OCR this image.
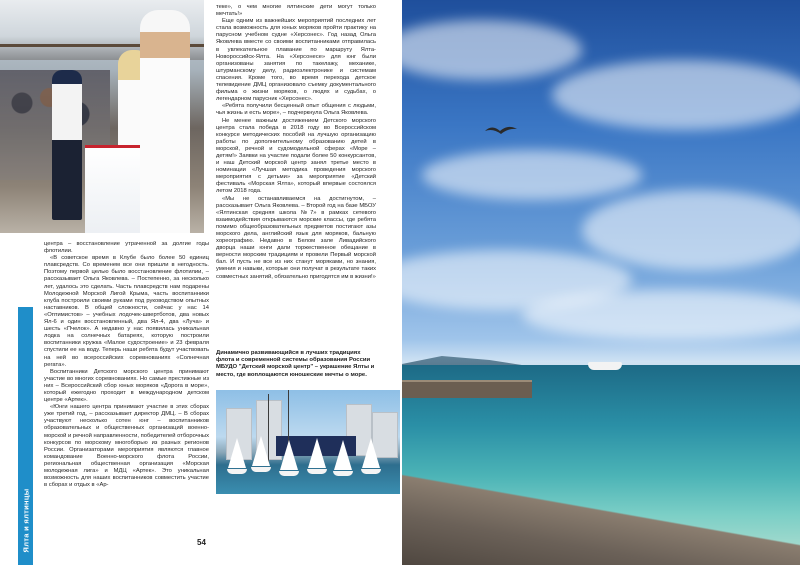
центра – восстановление утраченной за долгие годы флотилии.

«В советское время в Клубе было более 50 единиц плавсредств. Со временем все они пришли в негодность. Поэтому первой целью было восстановление флотилии, – рассказывает Ольга Яковлева. – Постепенно, за несколько лет, удалось это сделать. Часть плавсредств нам подарены Молодежной Морской Лигой Крыма, часть воспитанники клуба построили своими руками под руководством опытных наставников. В общей сложности, сейчас у нас 14 «Оптимистов» – учебных лодочек-швертботов, два новых Ял-6 и один восстановленный, два Ял-4, два «Луча» и шесть «Пчелок». А недавно у нас появилась уникальная лодка на солнечных батареях, которую построили воспитанники кружка «Малое судостроение» и 23 февраля спустили ее на воду. Теперь наши ребята будут участвовать на ней во всероссийских соревнованиях «Солнечная регата».

Воспитанники Детского морского центра принимают участие во многих соревнованиях. Но самые престижные из них – Всероссийский сбор юных моряков «Дорога в море», который ежегодно проходит в международном детском центре «Артек».

«Юнги нашего центра принимают участие в этих сборах уже третий год, – рассказывает директор ДМЦ. – В сборах участвуют несколько сотен юнг – воспитанников образовательных и общественных организаций военно-морской и речной направленности, победителей отборочных конкурсов по морскому многоборью из разных регионов России. Организаторами мероприятия являются главное командование Военно-морского флота России, региональная общественная организация «Морская молодежная лига» и МДЦ «Артек». Это уникальная возможность для наших воспитанников совместить участие в сборах и отдых в «Ар-

теке», о чем многие ялтинские дети могут только мечтать!»

Еще одним из важнейших мероприятий последних лет стала возможность для юных моряков пройти практику на парусном учебном судне «Херсонес». Год назад Ольга Яковлева вместе со своими воспитанниками отправилась в увлекательное плавание по маршруту Ялта-Новороссийск-Ялта. На «Херсонесе» для юнг были организованы занятия по такелажу, механике, штурманскому делу, радиоэлектронике и системам спасения. Кроме того, во время перехода детское телевидение ДМЦ организовало съемку документального фильма о жизни моряков, о людях и судьбах, о легендарном парусник «Херсонес».

«Ребята получили бесценный опыт общения с людьми, чья жизнь и есть море», – подчеркнула Ольга Яковлева.

Не менее важным достижением Детского морского центра стала победа в 2018 году во Всероссийском конкурсе методических пособий на лучшую организацию работы по дополнительному образованию детей в морской, речной и судомодельной сферах «Море – детям!» Заявки на участие подали более 50 конкурсантов, и наш Детский морской центр занял третье место в номинации «Лучшая методика проведения морского мероприятия с детьми» за мероприятие «Детский фестиваль «Морская Ялта», который впервые состоялся летом 2018 года.

«Мы не останавливаемся на достигнутом, – рассказывает Ольга Яковлева. – Второй год на базе МБОУ «Ялтинская средняя школа №7» в рамках сетевого взаимодействия открываются морские классы, где ребята помимо общеобразовательных предметов постигают азы морского дела, английский язык для моряков, бальную хореографию. Недавно в Белом зале Ливадийского дворца наши юнги дали торжественное обещание в верности морским традициям и провели Первый морской бал. И пусть не все из них станут моряками, но знания, умения и навыки, которые они получат в результате таких совместных занятий, обязательно пригодятся им в жизни!»

Динамично развивающийся в лучших традициях флота и современной системы образования России МБУДО "Детский морской центр" – украшение Ялты и место, где воплощаются юношеские мечты о море.
Ялта и ялтинцы	54
